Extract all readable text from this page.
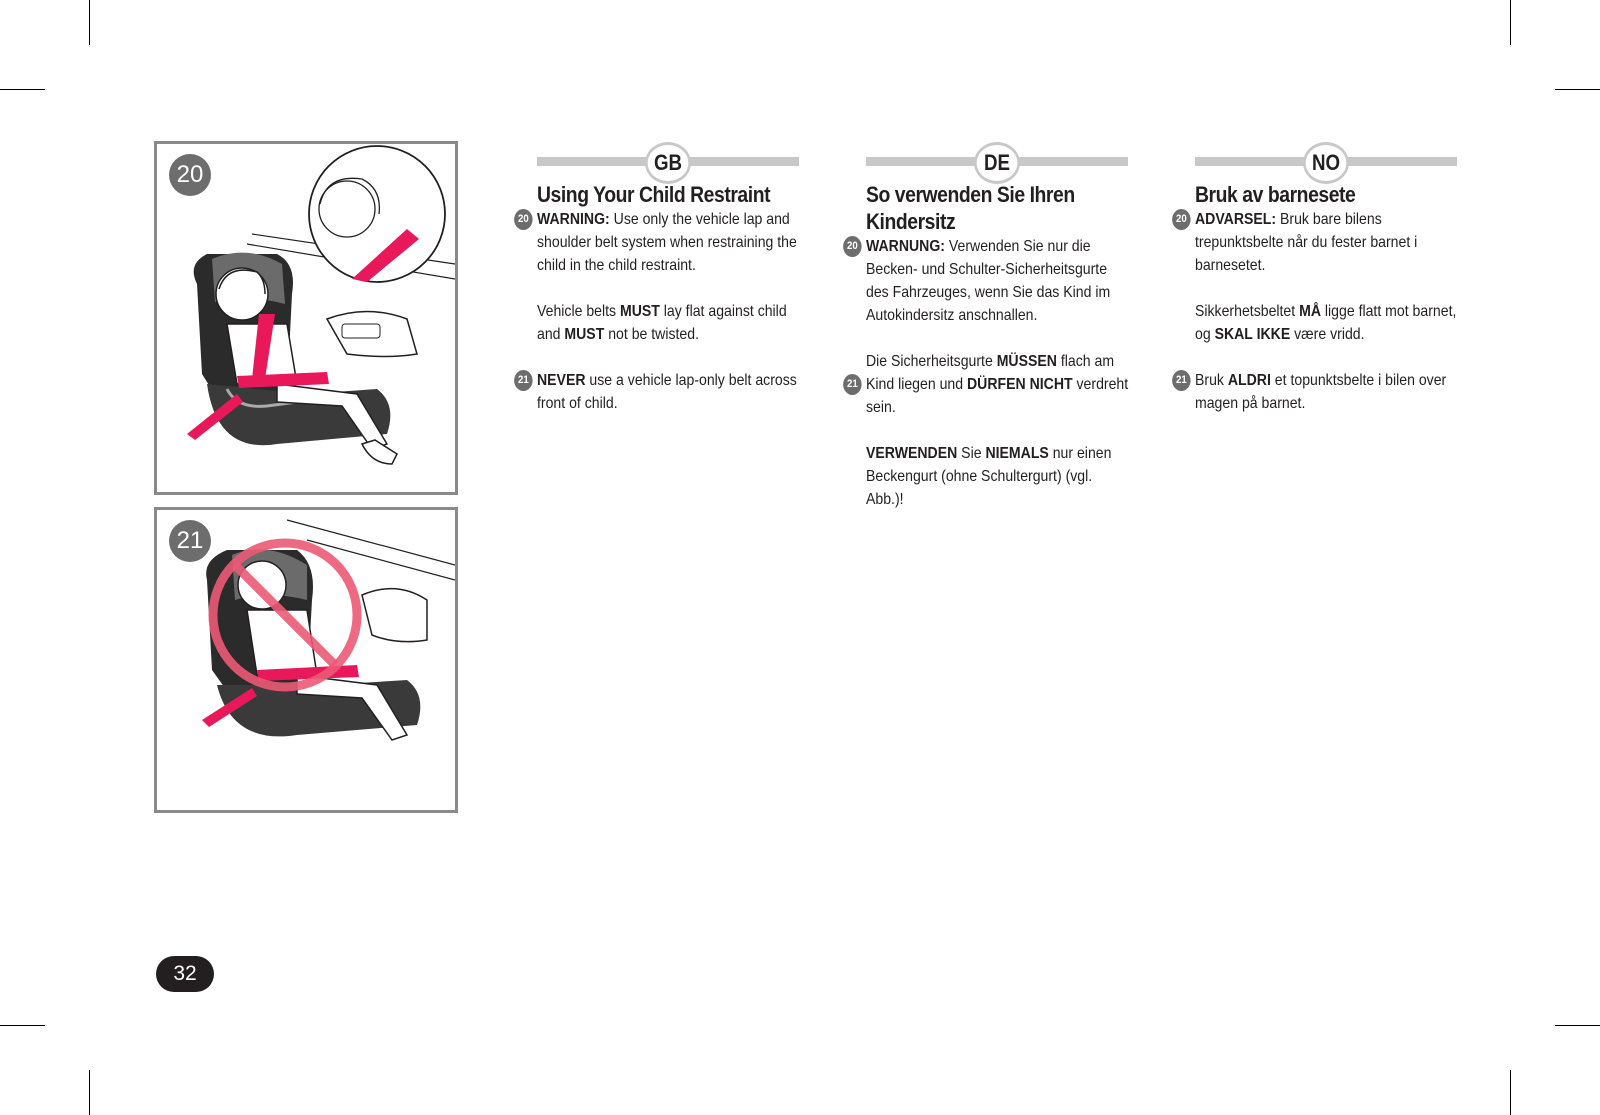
20
21
GB	DE	NO
Using Your Child Restraint

20 WARNING: Use only the vehicle lap and shoulder belt system when restraining the child in the child restraint.

Vehicle belts MUST lay flat against child and MUST not be twisted.

21 NEVER use a vehicle lap-only belt across front of child.

So verwenden Sie Ihren Kindersitz

20 WARNUNG: Verwenden Sie nur die Becken- und Schulter-Sicherheitsgurte des Fahrzeuges, wenn Sie das Kind im Autokindersitz anschnallen.

21
Die Sicherheitsgurte MÜSSEN flach am Kind liegen und DÜRFEN NICHT verdreht sein.

VERWENDEN Sie NIEMALS nur einen Beckengurt (ohne Schultergurt) (vgl. Abb.)!

Bruk av barnesete

20 ADVARSEL: Bruk bare bilens trepunktsbelte når du fester barnet i barnesetet.

Sikkerhetsbeltet MÅ ligge flatt mot barnet, og SKAL IKKE være vridd.

21 Bruk ALDRI et topunktsbelte i bilen over magen på barnet.

32
